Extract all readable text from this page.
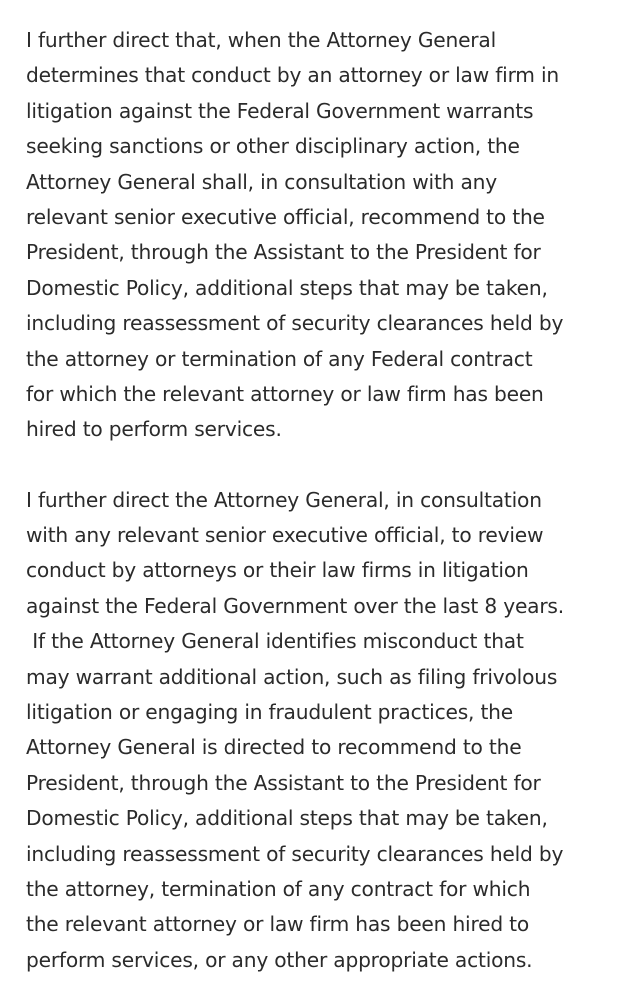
I further direct that, when the Attorney General
determines that conduct by an attorney or law firm in
litigation against the Federal Government warrants
seeking sanctions or other disciplinary action, the
Attorney General shall, in consultation with any
relevant senior executive official, recommend to the
President, through the Assistant to the President for
Domestic Policy, additional steps that may be taken,
including reassessment of security clearances held by
the attorney or termination of any Federal contract
for which the relevant attorney or law firm has been
hired to perform services.

I further direct the Attorney General, in consultation
with any relevant senior executive official, to review
conduct by attorneys or their law firms in litigation
against the Federal Government over the last 8 years.
If the Attorney General identifies misconduct that
may warrant additional action, such as filing frivolous
litigation or engaging in fraudulent practices, the
Attorney General is directed to recommend to the
President, through the Assistant to the President for
Domestic Policy, additional steps that may be taken,
including reassessment of security clearances held by
the attorney, termination of any contract for which
the relevant attorney or law firm has been hired to
perform services, or any other appropriate actions.
